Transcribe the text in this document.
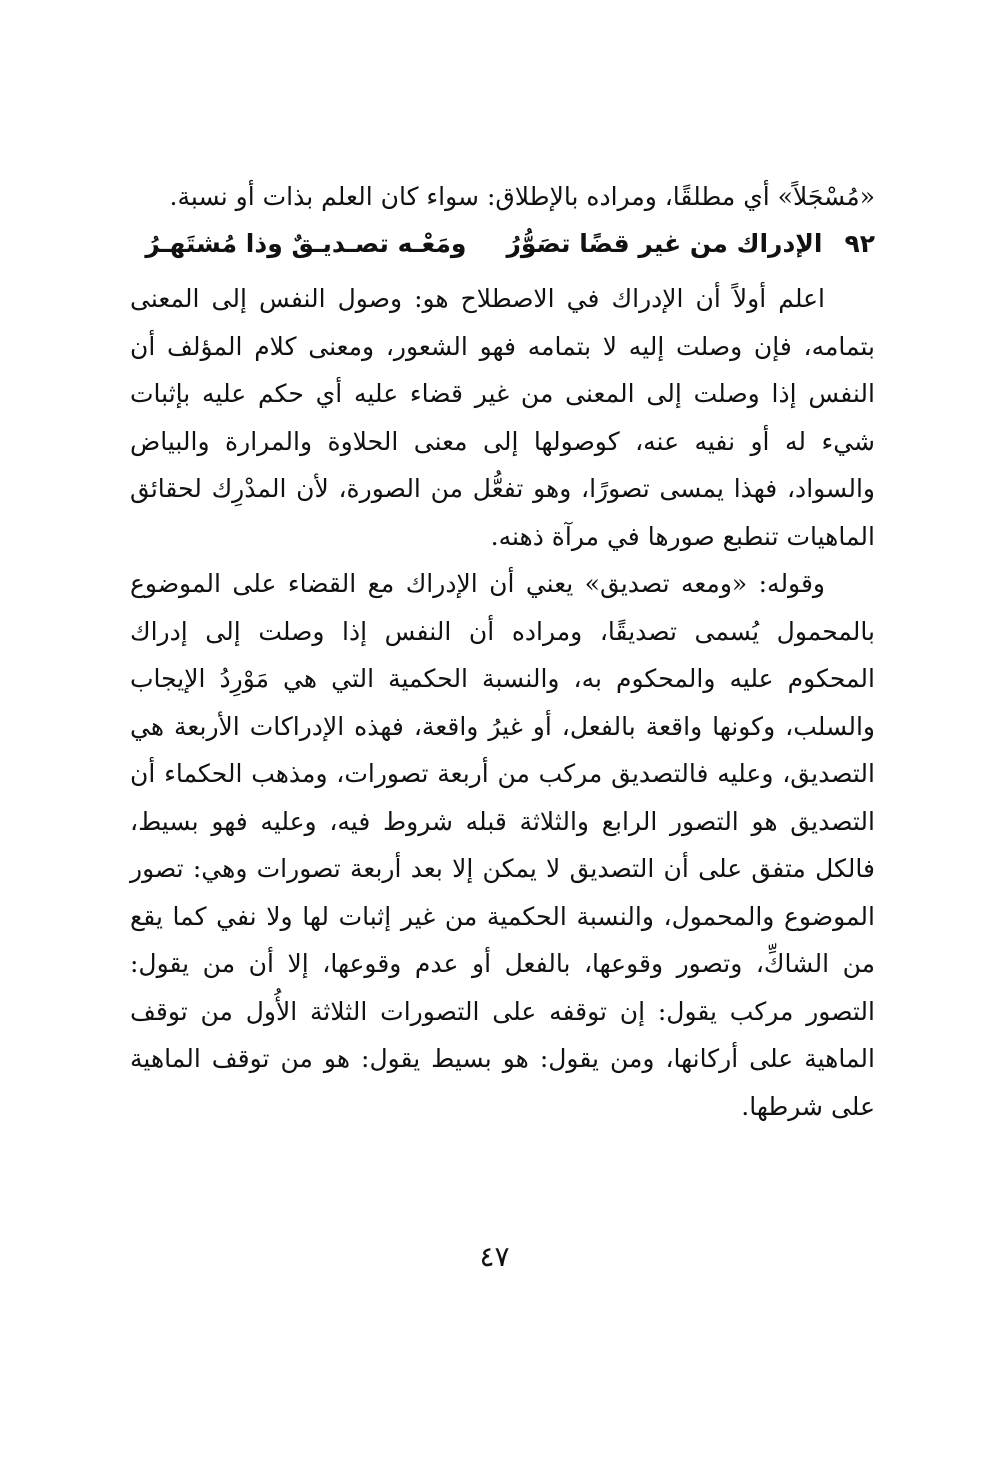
«مُسْجَلاً» أي مطلقًا، ومراده بالإطلاق: سواء كان العلم بذات أو نسبة.

٩٢الإدراك من غير قضًا تصَوُّرُومَعْـه تصـديـقٌ وذا مُشتَهـرُ

اعلم أولاً أن الإدراك في الاصطلاح هو: وصول النفس إلى المعنى بتمامه، فإن وصلت إليه لا بتمامه فهو الشعور، ومعنى كلام المؤلف أن النفس إذا وصلت إلى المعنى من غير قضاء عليه أي حكم عليه بإثبات شيء له أو نفيه عنه، كوصولها إلى معنى الحلاوة والمرارة والبياض والسواد، فهذا يمسى تصورًا، وهو تفعُّل من الصورة، لأن المدْرِك لحقائق الماهيات تنطبع صورها في مرآة ذهنه.

وقوله: «ومعه تصديق» يعني أن الإدراك مع القضاء على الموضوع بالمحمول يُسمى تصديقًا، ومراده أن النفس إذا وصلت إلى إدراك المحكوم عليه والمحكوم به، والنسبة الحكمية التي هي مَوْرِدُ الإيجاب والسلب، وكونها واقعة بالفعل، أو غيرُ واقعة، فهذه الإدراكات الأربعة هي التصديق، وعليه فالتصديق مركب من أربعة تصورات، ومذهب الحكماء أن التصديق هو التصور الرابع والثلاثة قبله شروط فيه، وعليه فهو بسيط، فالكل متفق على أن التصديق لا يمكن إلا بعد أربعة تصورات وهي: تصور الموضوع والمحمول، والنسبة الحكمية من غير إثبات لها ولا نفي كما يقع من الشاكِّ، وتصور وقوعها، بالفعل أو عدم وقوعها، إلا أن من يقول: التصور مركب يقول: إن توقفه على التصورات الثلاثة الأُول من توقف الماهية على أركانها، ومن يقول: هو بسيط يقول: هو من توقف الماهية على شرطها.

٤٧
